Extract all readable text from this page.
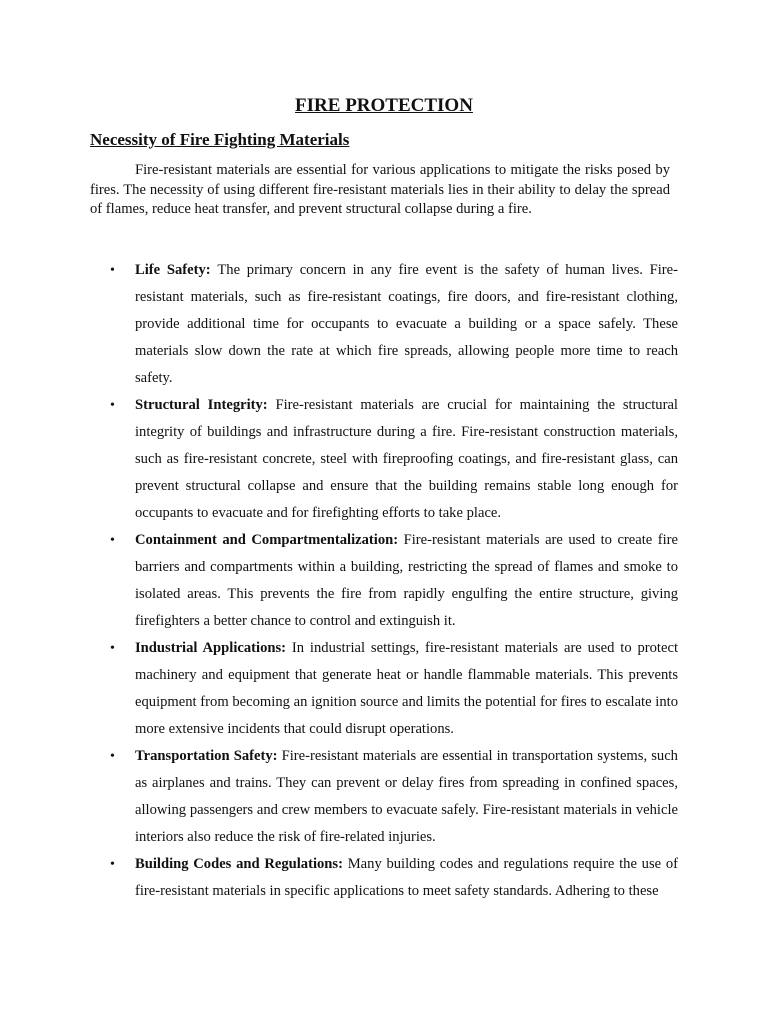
FIRE PROTECTION
Necessity of Fire Fighting Materials

Fire-resistant materials are essential for various applications to mitigate the risks posed by fires. The necessity of using different fire-resistant materials lies in their ability to delay the spread of flames, reduce heat transfer, and prevent structural collapse during a fire.

• Life Safety: The primary concern in any fire event is the safety of human lives. Fire-resistant materials, such as fire-resistant coatings, fire doors, and fire-resistant clothing, provide additional time for occupants to evacuate a building or a space safely. These materials slow down the rate at which fire spreads, allowing people more time to reach safety.
• Structural Integrity: Fire-resistant materials are crucial for maintaining the structural integrity of buildings and infrastructure during a fire. Fire-resistant construction materials, such as fire-resistant concrete, steel with fireproofing coatings, and fire-resistant glass, can prevent structural collapse and ensure that the building remains stable long enough for occupants to evacuate and for firefighting efforts to take place.
• Containment and Compartmentalization: Fire-resistant materials are used to create fire barriers and compartments within a building, restricting the spread of flames and smoke to isolated areas. This prevents the fire from rapidly engulfing the entire structure, giving firefighters a better chance to control and extinguish it.
• Industrial Applications: In industrial settings, fire-resistant materials are used to protect machinery and equipment that generate heat or handle flammable materials. This prevents equipment from becoming an ignition source and limits the potential for fires to escalate into more extensive incidents that could disrupt operations.
• Transportation Safety: Fire-resistant materials are essential in transportation systems, such as airplanes and trains. They can prevent or delay fires from spreading in confined spaces, allowing passengers and crew members to evacuate safely. Fire-resistant materials in vehicle interiors also reduce the risk of fire-related injuries.
• Building Codes and Regulations: Many building codes and regulations require the use of fire-resistant materials in specific applications to meet safety standards. Adhering to these
